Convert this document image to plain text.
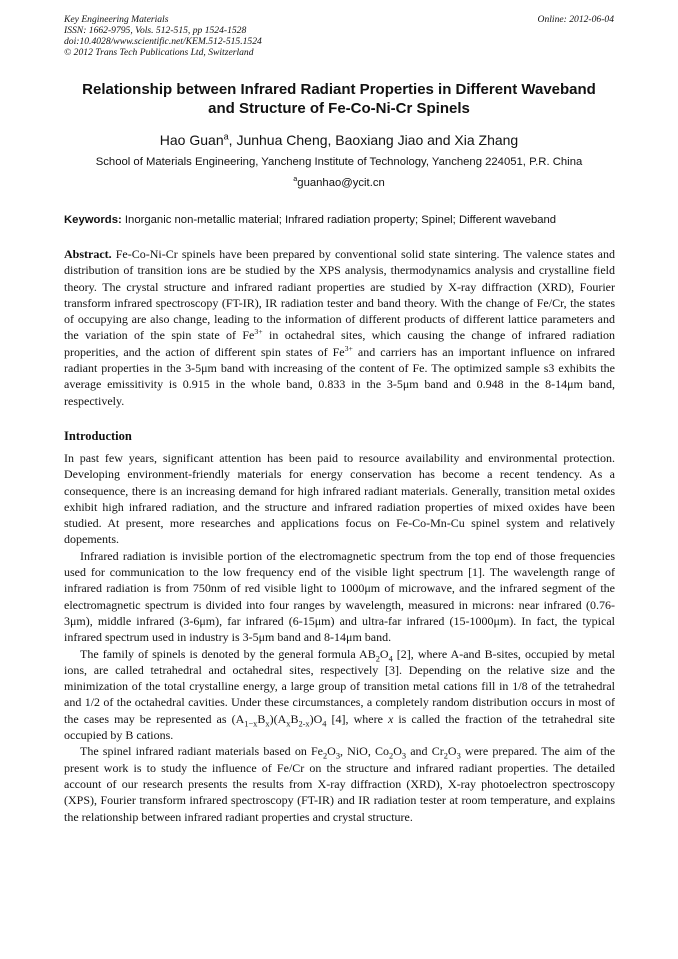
Key Engineering Materials
ISSN: 1662-9795, Vols. 512-515, pp 1524-1528
doi:10.4028/www.scientific.net/KEM.512-515.1524
© 2012 Trans Tech Publications Ltd, Switzerland
Online: 2012-06-04
Relationship between Infrared Radiant Properties in Different Waveband
and Structure of Fe-Co-Ni-Cr Spinels
Hao Guan$^a$, Junhua Cheng, Baoxiang Jiao and Xia Zhang
School of Materials Engineering, Yancheng Institute of Technology, Yancheng 224051, P.R. China
$^a$guanhao@ycit.cn
Keywords: Inorganic non-metallic material; Infrared radiation property; Spinel; Different waveband
Abstract. Fe-Co-Ni-Cr spinels have been prepared by conventional solid state sintering. The valence states and distribution of transition ions are be studied by the XPS analysis, thermodynamics analysis and crystalline field theory. The crystal structure and infrared radiant properties are studied by X-ray diffraction (XRD), Fourier transform infrared spectroscopy (FT-IR), IR radiation tester and band theory. With the change of Fe/Cr, the states of occupying are also change, leading to the information of different products of different lattice parameters and the variation of the spin state of $Fe^{3+}$ in octahedral sites, which causing the change of infrared radiation properities, and the action of different spin states of $Fe^{3+}$ and carriers has an important influence on infrared radiant properties in the 3-5μm band with increasing of the content of Fe. The optimized sample s3 exhibits the average emissitivity is 0.915 in the whole band, 0.833 in the 3-5μm band and 0.948 in the 8-14μm band, respectively.
Introduction

In past few years, significant attention has been paid to resource availability and environmental protection. Developing environment-friendly materials for energy conservation has become a recent tendency. As a consequence, there is an increasing demand for high infrared radiant materials. Generally, transition metal oxides exhibit high infrared radiation, and the structure and infrared radiation properties of mixed oxides have been studied. At present, more researches and applications focus on Fe-Co-Mn-Cu spinel system and relatively dopements.

Infrared radiation is invisible portion of the electromagnetic spectrum from the top end of those frequencies used for communication to the low frequency end of the visible light spectrum [1]. The wavelength range of infrared radiation is from 750nm of red visible light to 1000μm of microwave, and the infrared segment of the electromagnetic spectrum is divided into four ranges by wavelength, measured in microns: near infrared (0.76-3μm), middle infrared (3-6μm), far infrared (6-15μm) and ultra-far infrared (15-1000μm). In fact, the typical infrared spectrum used in industry is 3-5μm band and 8-14μm band.

The family of spinels is denoted by the general formula $AB_2O_4$ [2], where A-and B-sites, occupied by metal ions, are called tetrahedral and octahedral sites, respectively [3]. Depending on the relative size and the minimization of the total crystalline energy, a large group of transition metal cations fill in 1/8 of the tetrahedral and 1/2 of the octahedral cavities. Under these circumstances, a completely random distribution occurs in most of the cases may be represented as $(A_{1-x}B_x)(A_xB_{2-x})O_4$ [4], where x is called the fraction of the tetrahedral site occupied by B cations.

The spinel infrared radiant materials based on $Fe_2O_3$, NiO, $Co_2O_3$ and $Cr_2O_3$ were prepared. The aim of the present work is to study the influence of Fe/Cr on the structure and infrared radiant properties. The detailed account of our research presents the results from X-ray diffraction (XRD), X-ray photoelectron spectroscopy (XPS), Fourier transform infrared spectroscopy (FT-IR) and IR radiation tester at room temperature, and explains the relationship between infrared radiant properties and crystal structure.
